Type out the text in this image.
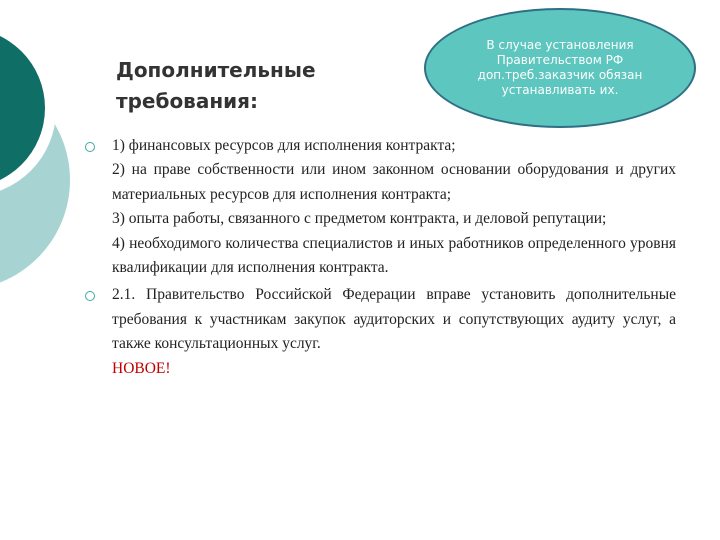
Дополнительные
требования:
В случае установления Правительством РФ доп.треб.заказчик обязан устанавливать их.
1) финансовых ресурсов для исполнения контракта;
2) на праве собственности или ином законном основании оборудования и других материальных ресурсов для исполнения контракта;
3) опыта работы, связанного с предметом контракта, и деловой репутации;
4) необходимого количества специалистов и иных работников определенного уровня квалификации для исполнения контракта.
2.1. Правительство Российской Федерации вправе установить дополнительные требования к участникам закупок аудиторских и сопутствующих аудиту услуг, а также консультационных услуг.
НОВОЕ!
